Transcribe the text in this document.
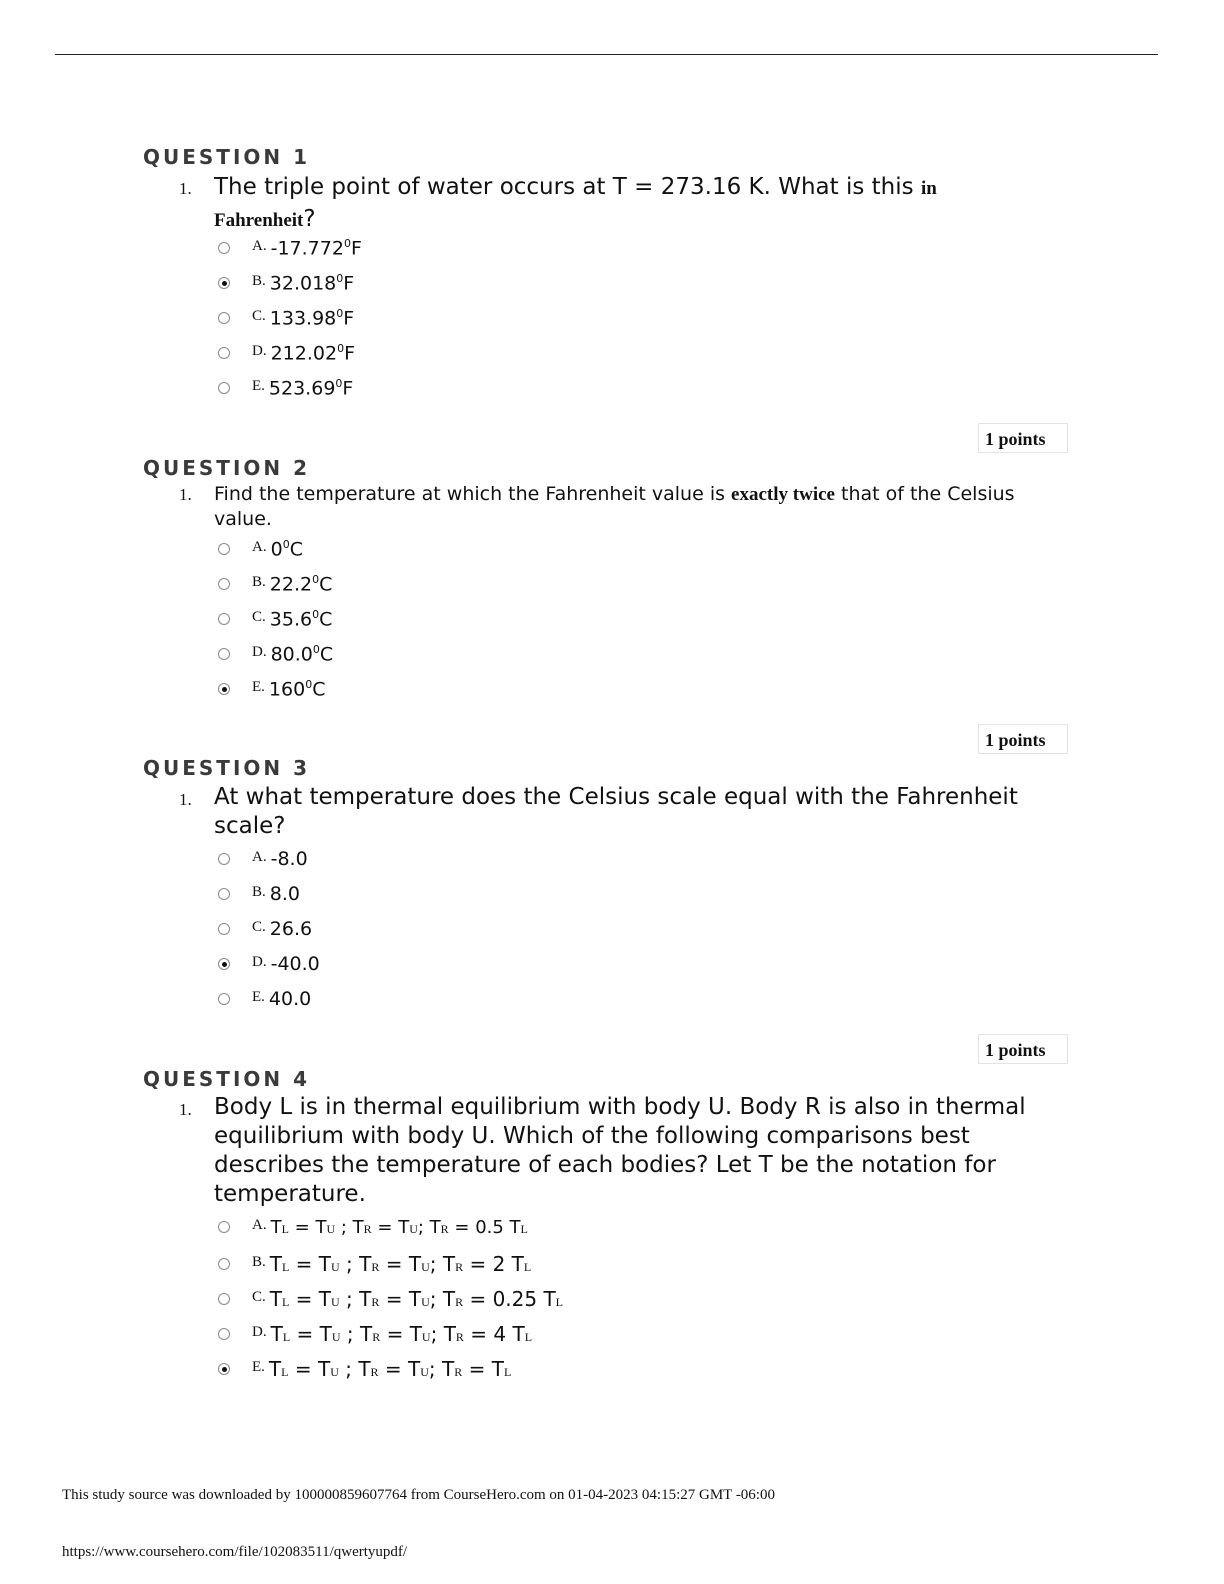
QUESTION 1
1. The triple point of water occurs at T = 273.16 K. What is this in
Fahrenheit?
A. -17.772$^0$F
B. 32.018$^0$F
C. 133.98$^0$F
D. 212.02$^0$F
E. 523.69$^0$F
1 points
QUESTION 2
1. Find the temperature at which the Fahrenheit value is exactly twice that of the Celsius
value.
A. $0^0C$
B. 22.2$^0$C
C. 35.6$^0$C
D. 80.0$^0$C
E. $160^0C$
1 points
QUESTION 3
1. At what temperature does the Celsius scale equal with the Fahrenheit
scale?
A. -8.0
B. 8.0
C. 26.6
D. -40.0
E. 40.0
1 points
QUESTION 4
1. Body L is in thermal equilibrium with body U. Body R is also in thermal
equilibrium with body U. Which of the following comparisons best
describes the temperature of each bodies? Let T be the notation for
temperature.
A. TL = TU ; TR = TU; TR = 0.5 TL
B. TL = TU ; TR = TU; TR = 2 TL
C. TL = TU ; TR = TU; TR = 0.25 TL
D. TL = TU ; TR = TU; TR = 4 TL
E. TL = TU ; TR = TU; TR = TL
This study source was downloaded by 100000859607764 from CourseHero.com on 01-04-2023 04:15:27 GMT -06:00
https://www.coursehero.com/file/102083511/qwertyupdf/
